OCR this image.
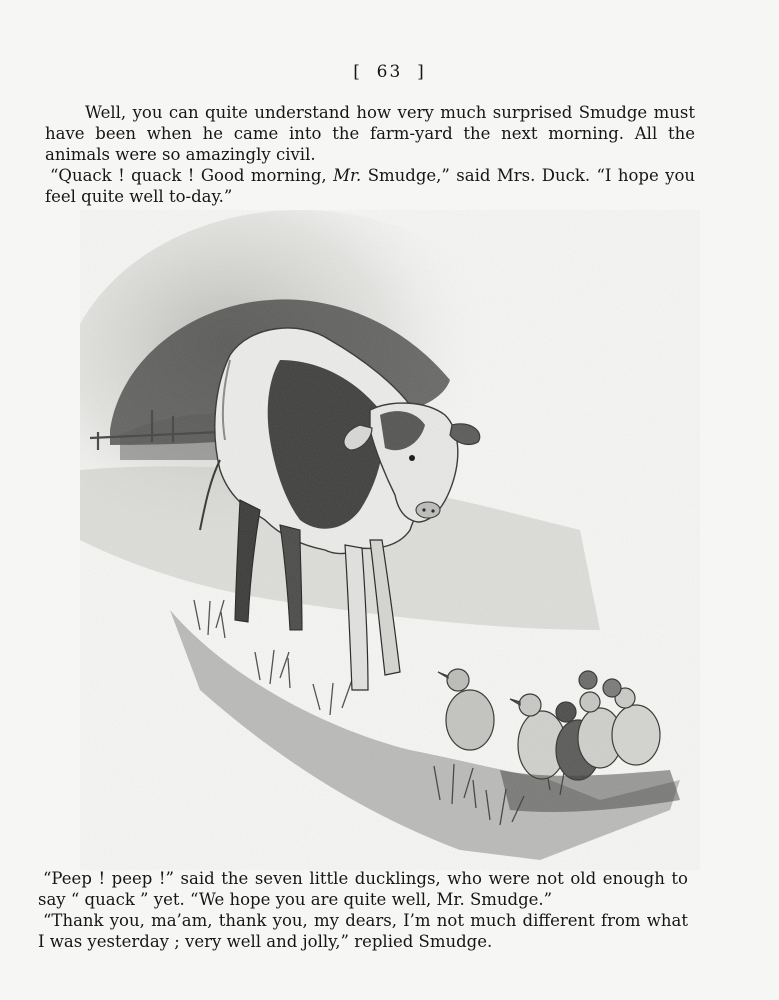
[  63  ]

Well, you can quite understand how very much surprised Smudge must have been when he came into the farm-yard the next morning. All the animals were so amazingly civil.

“Quack ! quack ! Good morning, Mr. Smudge,” said Mrs. Duck. “I hope you feel quite well to-day.”

“Peep ! peep !” said the seven little ducklings, who were not old enough to say “ quack ” yet. “We hope you are quite well, Mr. Smudge.”

“Thank you, ma’am, thank you, my dears, I’m not much different from what I was yesterday ; very well and jolly,” replied Smudge.
